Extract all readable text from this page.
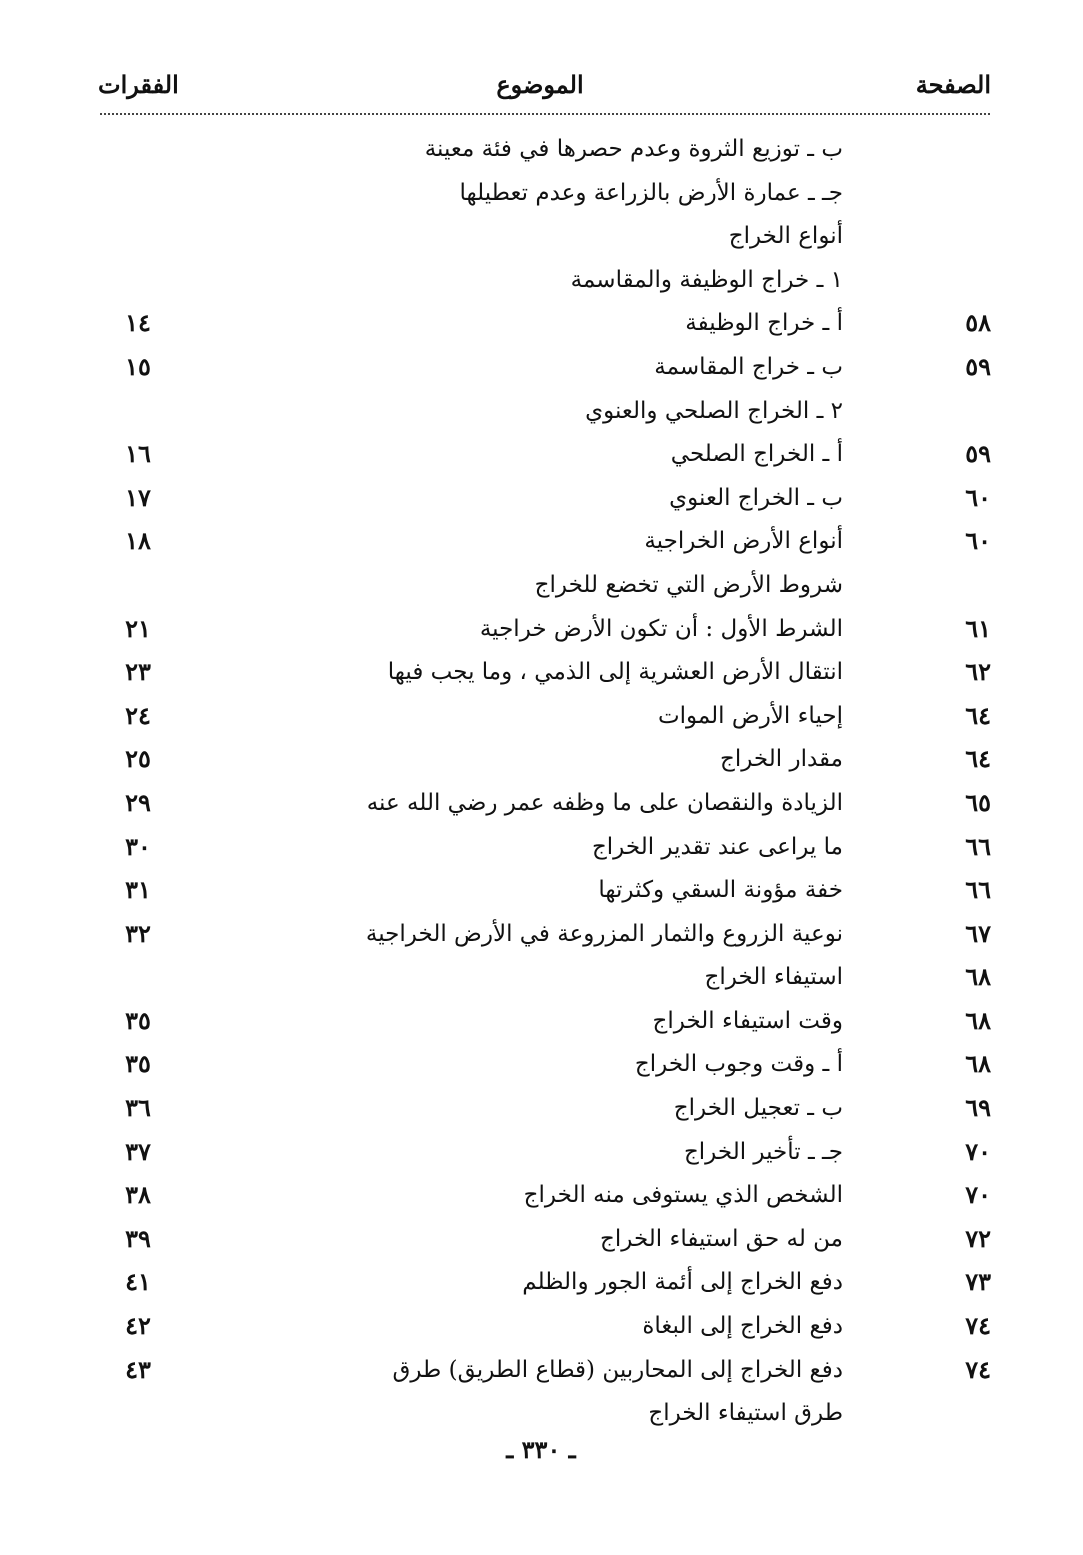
الصفحة
الموضوع
الفقرات
ب ـ توزيع الثروة وعدم حصرها في فئة معينة
جـ ـ عمارة الأرض بالزراعة وعدم تعطيلها
أنواع الخراج
١ ـ خراج الوظيفة والمقاسمة
٥٨
أ ـ خراج الوظيفة
١٤
٥٩
ب ـ خراج المقاسمة
١٥
٢ ـ الخراج الصلحي والعنوي
٥٩
أ ـ الخراج الصلحي
١٦
٦٠
ب ـ الخراج العنوي
١٧
٦٠
أنواع الأرض الخراجية
١٨
شروط الأرض التي تخضع للخراج
٦١
الشرط الأول : أن تكون الأرض خراجية
٢١
٦٢
انتقال الأرض العشرية إلى الذمي ، وما يجب فيها
٢٣
٦٤
إحياء الأرض الموات
٢٤
٦٤
مقدار الخراج
٢٥
٦٥
الزيادة والنقصان على ما وظفه عمر رضي الله عنه
٢٩
٦٦
ما يراعى عند تقدير الخراج
٣٠
٦٦
خفة مؤونة السقي وكثرتها
٣١
٦٧
نوعية الزروع والثمار المزروعة في الأرض الخراجية
٣٢
٦٨
استيفاء الخراج
٦٨
وقت استيفاء الخراج
٣٥
٦٨
أ ـ وقت وجوب الخراج
٣٥
٦٩
ب ـ تعجيل الخراج
٣٦
٧٠
جـ ـ تأخير الخراج
٣٧
٧٠
الشخص الذي يستوفى منه الخراج
٣٨
٧٢
من له حق استيفاء الخراج
٣٩
٧٣
دفع الخراج إلى أئمة الجور والظلم
٤١
٧٤
دفع الخراج إلى البغاة
٤٢
٧٤
دفع الخراج إلى المحاربين (قطاع الطريق) طرق
٤٣
طرق استيفاء الخراج
ـ ٣٣٠ ـ
